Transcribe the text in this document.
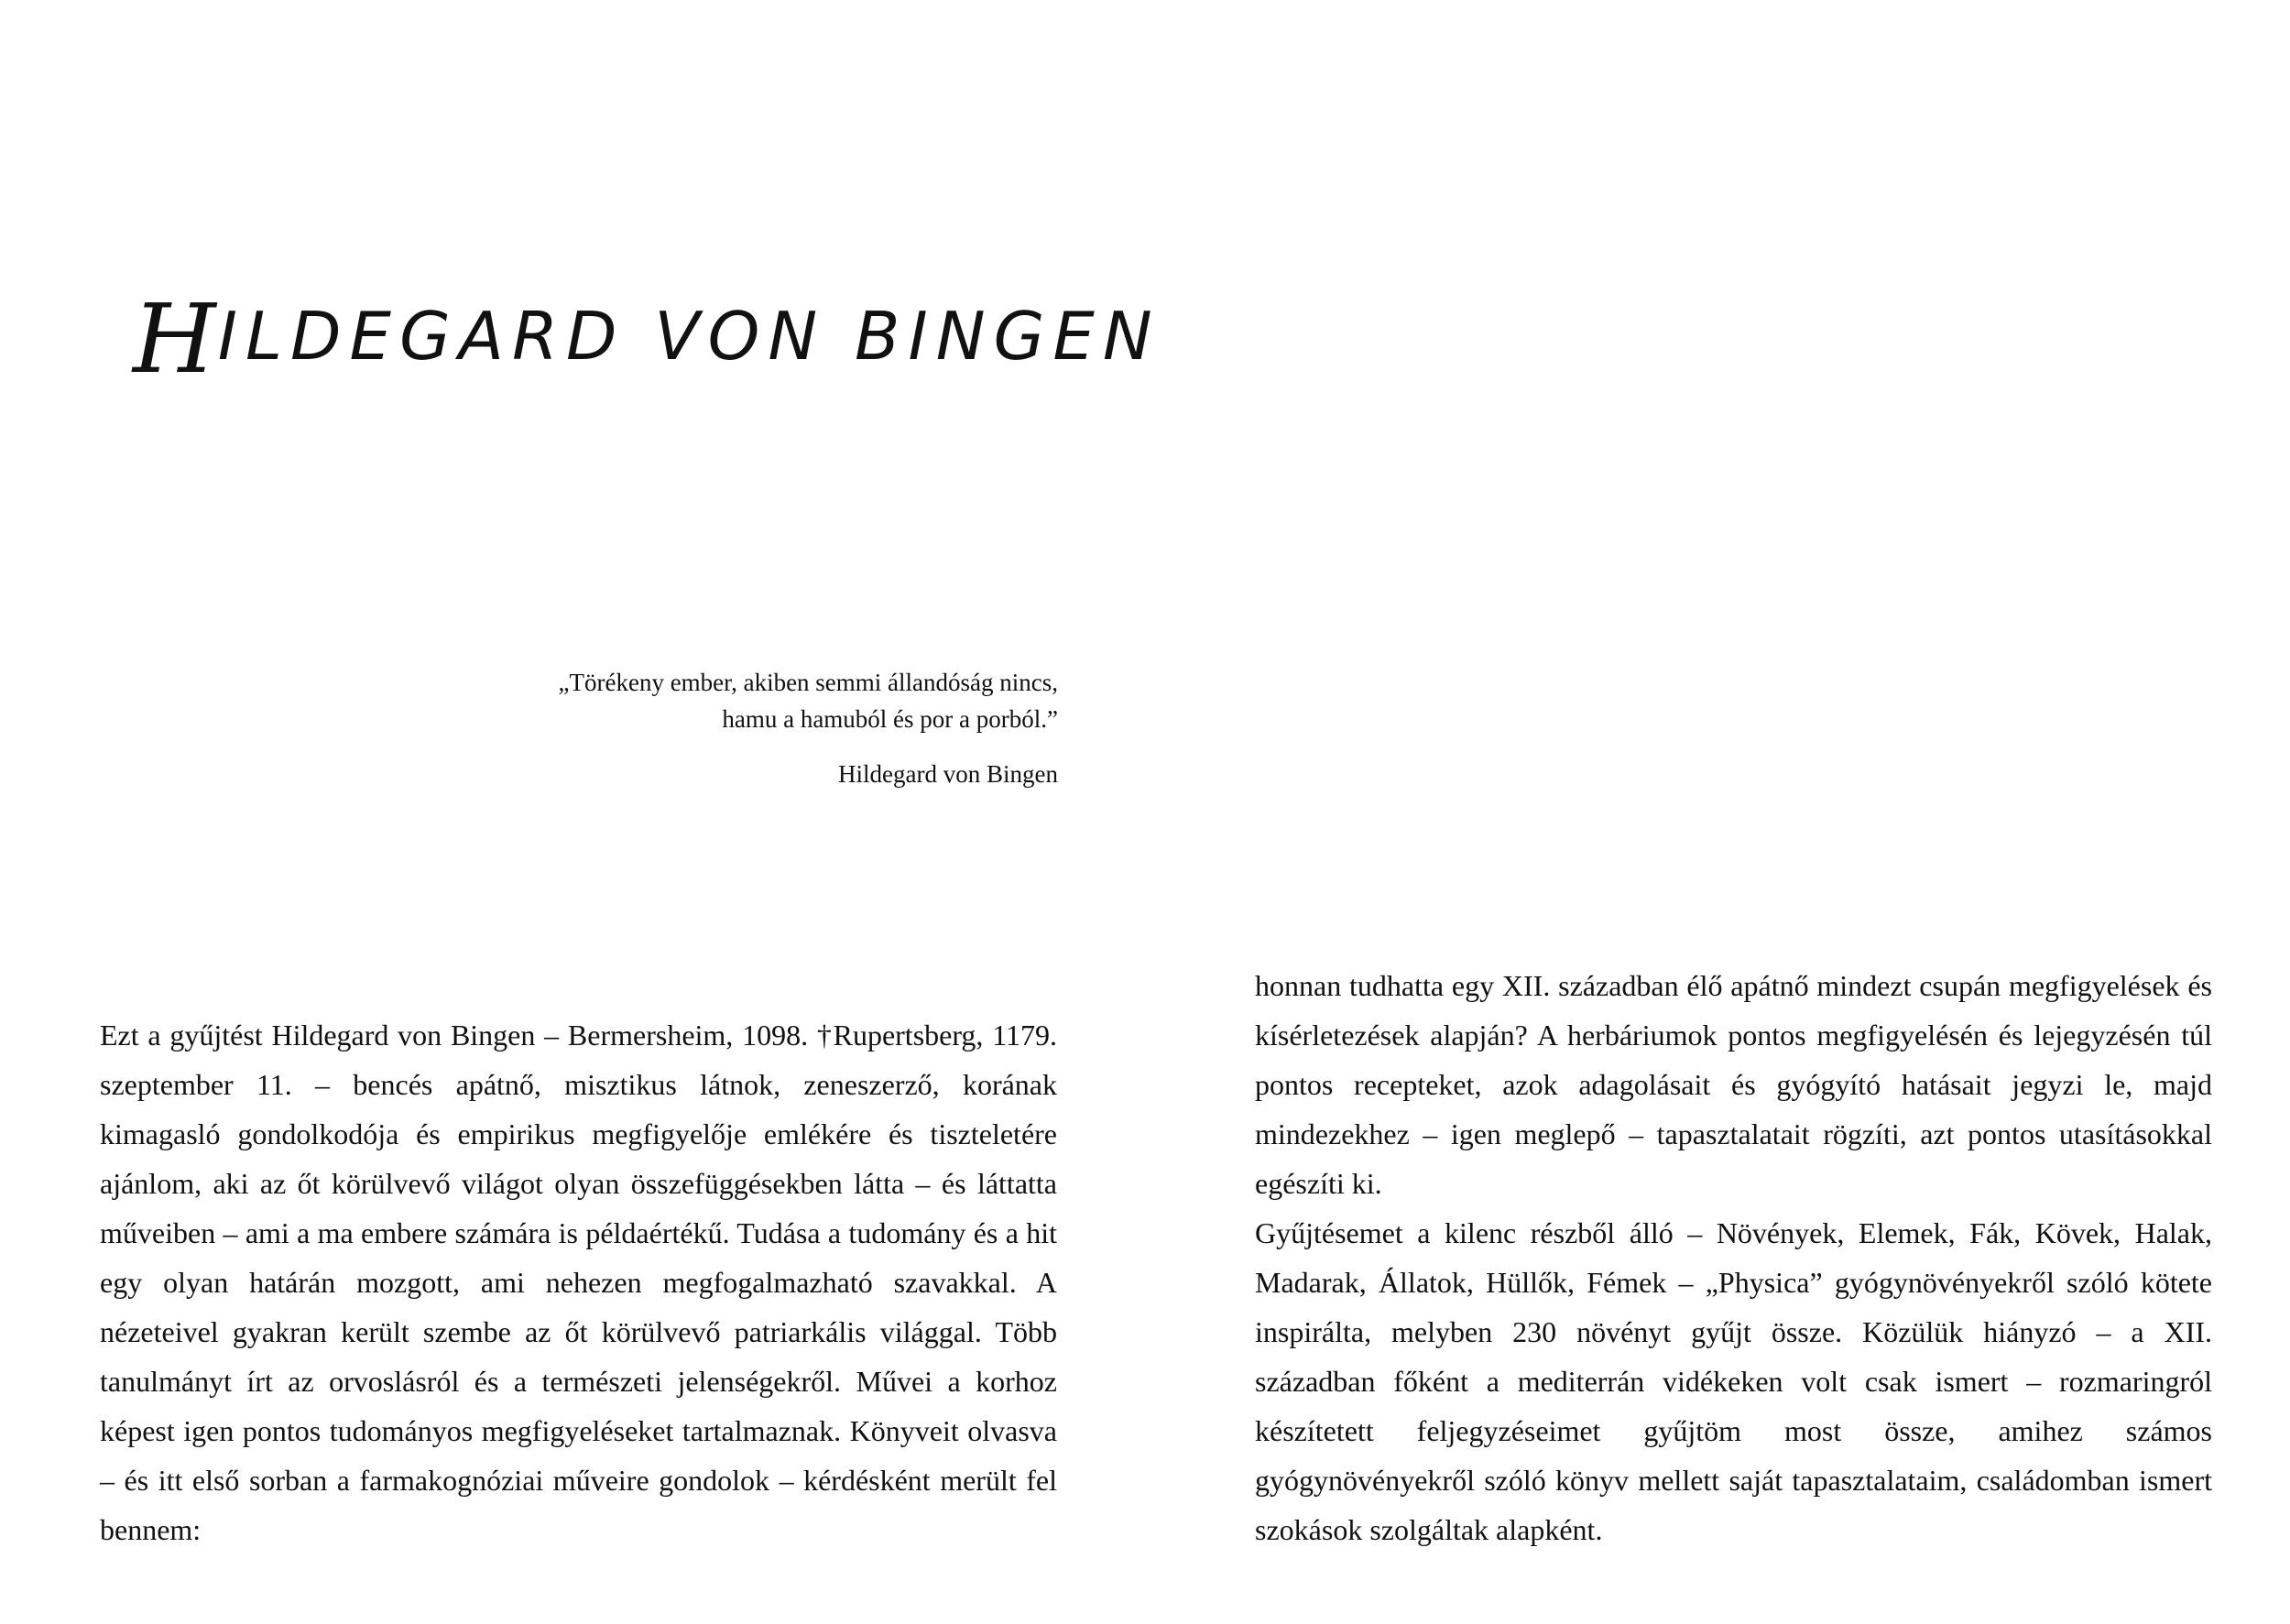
HILDEGARD VON BINGEN

„Törékeny ember, akiben semmi állandóság nincs,

hamu a hamuból és por a porból.”

Hildegard von Bingen

Ezt a gyűjtést Hildegard von Bingen – Bermersheim, 1098. †Rupertsberg, 1179. szeptember 11. – bencés apátnő, misztikus látnok, zeneszerző, korának kimagasló gondolkodója és empirikus megfigyelője emlékére és tiszteletére ajánlom, aki az őt körülvevő világot olyan összefüggésekben látta – és láttatta műveiben – ami a ma embere számára is példaértékű. Tudása a tudomány és a hit egy olyan határán mozgott, ami nehezen megfogalmazható szavakkal. A nézeteivel gyakran került szembe az őt körülvevő patriarkális világgal. Több tanulmányt írt az orvoslásról és a természeti jelenségekről. Művei a korhoz képest igen pontos tudományos megfigyeléseket tartalmaznak. Könyveit olvasva – és itt első sorban a farmakognóziai műveire gondolok – kérdésként merült fel bennem:

honnan tudhatta egy XII. században élő apátnő mindezt csupán megfigyelések és kísérletezések alapján? A herbáriumok pontos megfigyelésén és lejegyzésén túl pontos recepteket, azok adagolásait és gyógyító hatásait jegyzi le, majd mindezekhez – igen meglepő – tapasztalatait rögzíti, azt pontos utasításokkal egészíti ki.

Gyűjtésemet a kilenc részből álló – Növények, Elemek, Fák, Kövek, Halak, Madarak, Állatok, Hüllők, Fémek – „Physica” gyógynövényekről szóló kötete inspirálta, melyben 230 növényt gyűjt össze. Közülük hiányzó – a XII. században főként a mediterrán vidékeken volt csak ismert – rozmaringról készítetett feljegyzéseimet gyűjtöm most össze, amihez számos gyógynövényekről szóló könyv mellett saját tapasztalataim, családomban ismert szokások szolgáltak alapként.
